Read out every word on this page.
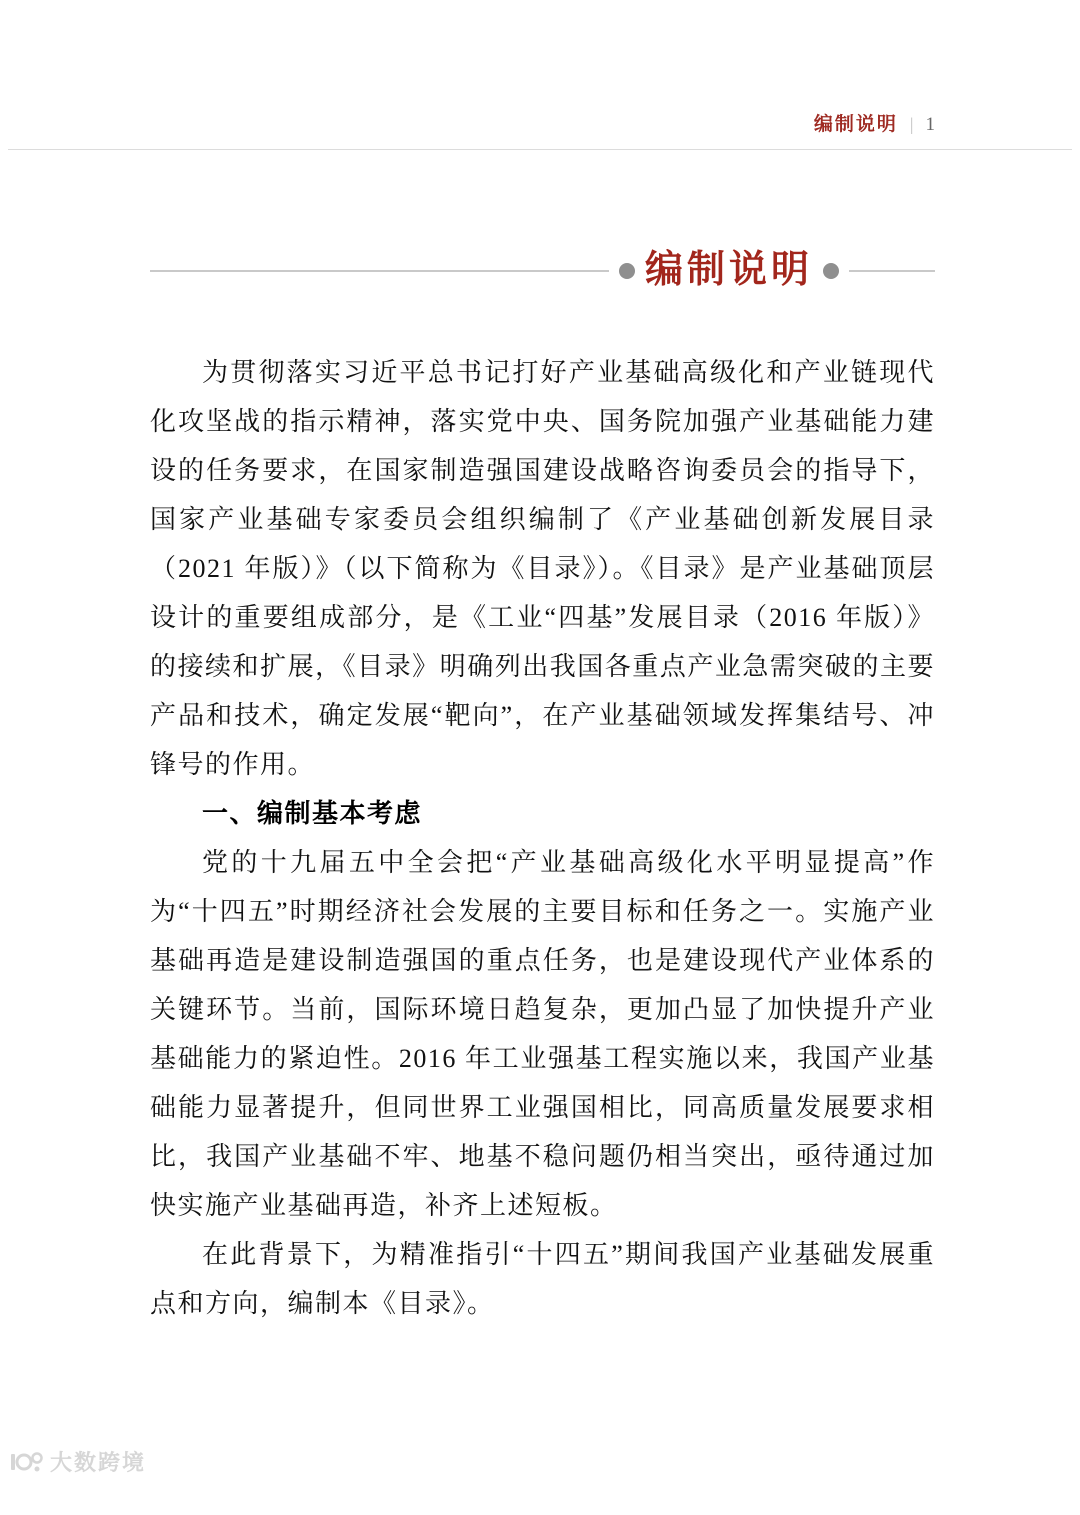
编制说明 | 1
编制说明

为贯彻落实习近平总书记打好产业基础高级化和产业链现代化攻坚战的指示精神，落实党中央、国务院加强产业基础能力建设的任务要求，在国家制造强国建设战略咨询委员会的指导下，国家产业基础专家委员会组织编制了《产业基础创新发展目录（2021 年版）》（以下简称为《目录》）。《目录》是产业基础顶层设计的重要组成部分，是《工业“四基”发展目录（2016 年版）》的接续和扩展，《目录》明确列出我国各重点产业急需突破的主要产品和技术，确定发展“靶向”，在产业基础领域发挥集结号、冲锋号的作用。

一、编制基本考虑

党的十九届五中全会把“产业基础高级化水平明显提高”作为“十四五”时期经济社会发展的主要目标和任务之一。实施产业基础再造是建设制造强国的重点任务，也是建设现代产业体系的关键环节。当前，国际环境日趋复杂，更加凸显了加快提升产业基础能力的紧迫性。2016 年工业强基工程实施以来，我国产业基础能力显著提升，但同世界工业强国相比，同高质量发展要求相比，我国产业基础不牢、地基不稳问题仍相当突出，亟待通过加快实施产业基础再造，补齐上述短板。

在此背景下，为精准指引“十四五”期间我国产业基础发展重点和方向，编制本《目录》。

大数跨境
